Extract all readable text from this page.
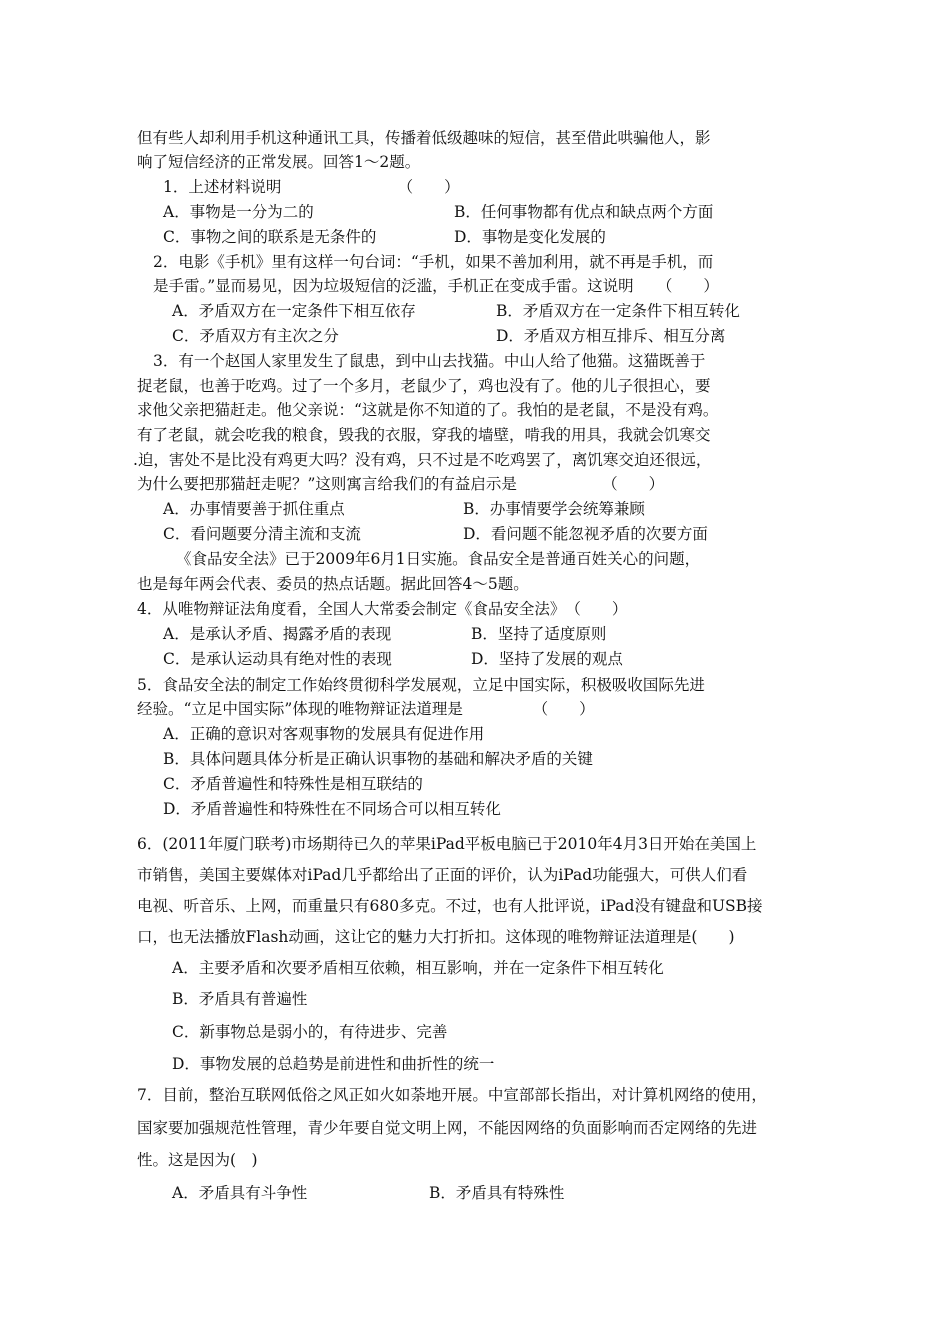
但有些人却利用手机这种通讯工具，传播着低级趣味的短信，甚至借此哄骗他人，影
响了短信经济的正常发展。回答1～2题。
1．上述材料说明　　　　　　　　（　　）
A．事物是一分为二的	B．任何事物都有优点和缺点两个方面
C．事物之间的联系是无条件的	D．事物是变化发展的
2．电影《手机》里有这样一句台词：“手机，如果不善加利用，就不再是手机，而
是手雷。”显而易见，因为垃圾短信的泛滥，手机正在变成手雷。这说明　　（　　）
A．矛盾双方在一定条件下相互依存	B．矛盾双方在一定条件下相互转化
C．矛盾双方有主次之分	D．矛盾双方相互排斥、相互分离
3．有一个赵国人家里发生了鼠患，到中山去找猫。中山人给了他猫。这猫既善于
捉老鼠，也善于吃鸡。过了一个多月，老鼠少了，鸡也没有了。他的儿子很担心，要
求他父亲把猫赶走。他父亲说：“这就是你不知道的了。我怕的是老鼠，不是没有鸡。
有了老鼠，就会吃我的粮食，毁我的衣服，穿我的墙壁，啃我的用具，我就会饥寒交
.迫，害处不是比没有鸡更大吗？没有鸡，只不过是不吃鸡罢了，离饥寒交迫还很远，
为什么要把那猫赶走呢？”这则寓言给我们的有益启示是　　　　　　（　　）
A．办事情要善于抓住重点	B．办事情要学会统筹兼顾
C．看问题要分清主流和支流	D．看问题不能忽视矛盾的次要方面
《食品安全法》已于2009年6月1日实施。食品安全是普通百姓关心的问题，
也是每年两会代表、委员的热点话题。据此回答4～5题。
4．从唯物辩证法角度看，全国人大常委会制定《食品安全法》　（　　）
A．是承认矛盾、揭露矛盾的表现	B．坚持了适度原则
C．是承认运动具有绝对性的表现	D．坚持了发展的观点
5．食品安全法的制定工作始终贯彻科学发展观，立足中国实际，积极吸收国际先进
经验。“立足中国实际”体现的唯物辩证法道理是　　　　　（　　）
A．正确的意识对客观事物的发展具有促进作用
B．具体问题具体分析是正确认识事物的基础和解决矛盾的关键
C．矛盾普遍性和特殊性是相互联结的
D．矛盾普遍性和特殊性在不同场合可以相互转化
6．(2011年厦门联考)市场期待已久的苹果iPad平板电脑已于2010年4月3日开始在美国上
市销售，美国主要媒体对iPad几乎都给出了正面的评价，认为iPad功能强大，可供人们看
电视、听音乐、上网，而重量只有680多克。不过，也有人批评说，iPad没有键盘和USB接
口，也无法播放Flash动画，这让它的魅力大打折扣。这体现的唯物辩证法道理是(　　)
A．主要矛盾和次要矛盾相互依赖，相互影响，并在一定条件下相互转化
B．矛盾具有普遍性
C．新事物总是弱小的，有待进步、完善
D．事物发展的总趋势是前进性和曲折性的统一
7．目前，整治互联网低俗之风正如火如荼地开展。中宣部部长指出，对计算机网络的使用，
国家要加强规范性管理，青少年要自觉文明上网，不能因网络的负面影响而否定网络的先进
性。这是因为(　)
A．矛盾具有斗争性	B．矛盾具有特殊性
